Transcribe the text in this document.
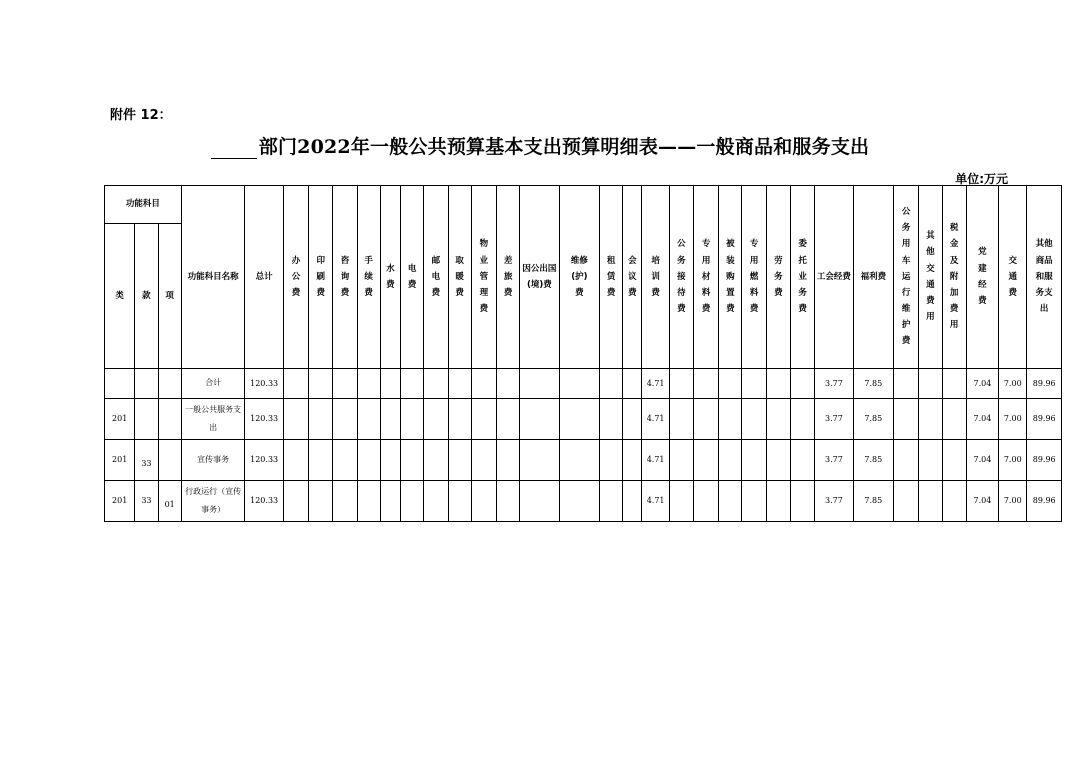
附件 12：
部门2022年一般公共预算基本支出预算明细表——一般商品和服务支出
单位:万元
功能科目			功能科目名称	总计	办公费	印刷费	咨询费	手续费	水费	电费	邮电费	取暖费	物业管理费	差旅费	因公出国(境)费	维修(护)费	租赁费	会议费	培训费	公务接待费	专用材料费	被装购置费	专用燃料费	劳务费	委托业务费	工会经费	福利费	公务用车运行维护费	其他交通费用	税金及附加费用	党建经费	交通费	其他商品和服务支出

类	款	项																															
			合计	120.33															4.71							3.77	7.85				7.04	7.00	89.96
201			一般公共服务支出	120.33															4.71							3.77	7.85				7.04	7.00	89.96
201	33		宣传事务	120.33															4.71							3.77	7.85				7.04	7.00	89.96
201	33	01	行政运行（宣传事务）	120.33															4.71							3.77	7.85				7.04	7.00	89.96
